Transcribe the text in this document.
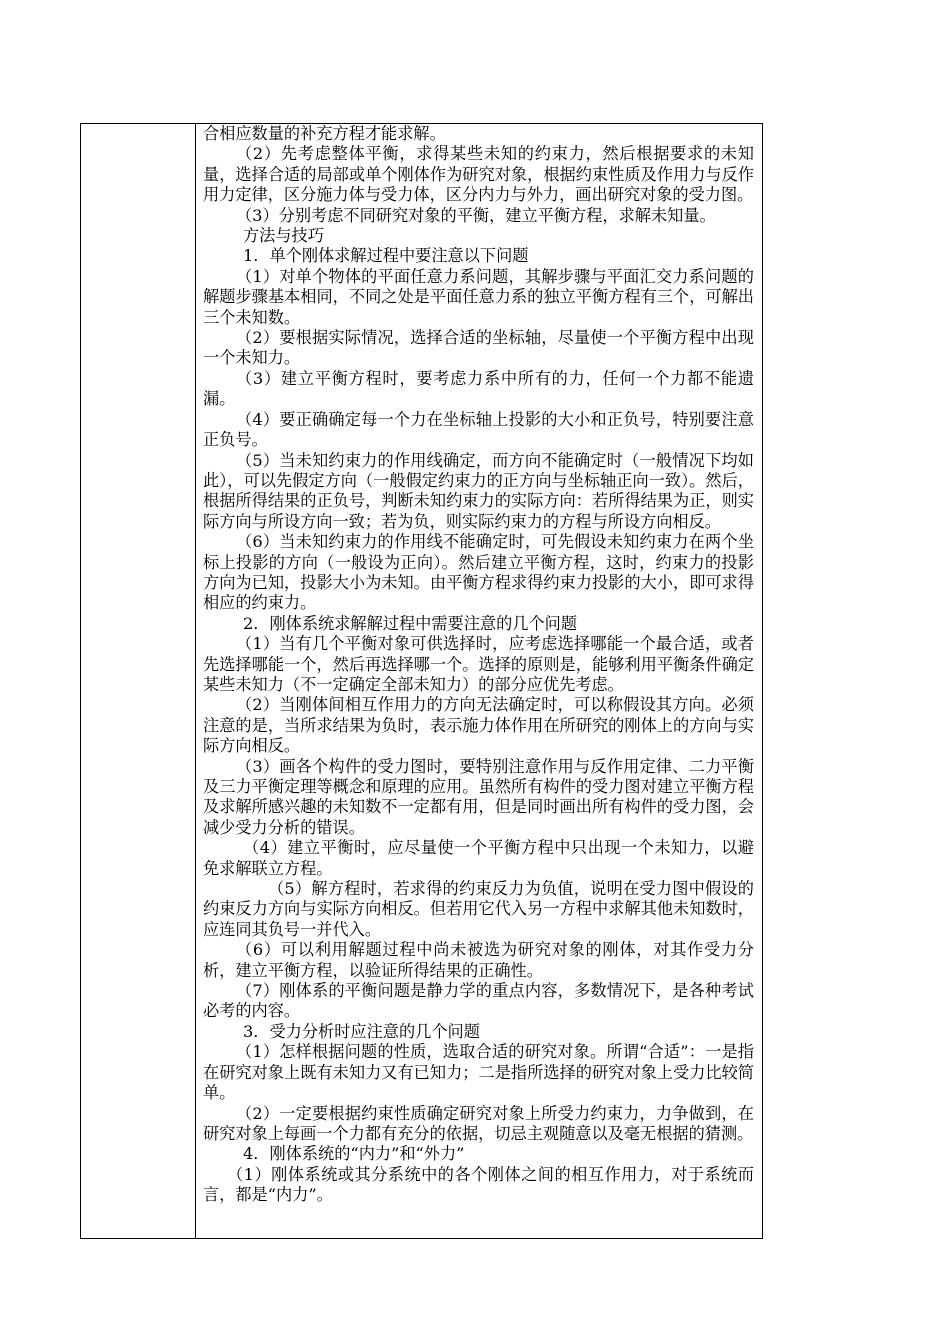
合相应数量的补充方程才能求解。

（2）先考虑整体平衡，求得某些未知的约束力，然后根据要求的未知量，选择合适的局部或单个刚体作为研究对象，根据约束性质及作用力与反作用力定律，区分施力体与受力体，区分内力与外力，画出研究对象的受力图。

（3）分别考虑不同研究对象的平衡，建立平衡方程，求解未知量。

方法与技巧

1．单个刚体求解过程中要注意以下问题

（1）对单个物体的平面任意力系问题，其解步骤与平面汇交力系问题的解题步骤基本相同，不同之处是平面任意力系的独立平衡方程有三个，可解出三个未知数。

（2）要根据实际情况，选择合适的坐标轴，尽量使一个平衡方程中出现一个未知力。

（3）建立平衡方程时，要考虑力系中所有的力，任何一个力都不能遗漏。

（4）要正确确定每一个力在坐标轴上投影的大小和正负号，特别要注意正负号。

（5）当未知约束力的作用线确定，而方向不能确定时（一般情况下均如此），可以先假定方向（一般假定约束力的正方向与坐标轴正向一致）。然后，根据所得结果的正负号，判断未知约束力的实际方向：若所得结果为正，则实际方向与所设方向一致；若为负，则实际约束力的方程与所设方向相反。

（6）当未知约束力的作用线不能确定时，可先假设未知约束力在两个坐标上投影的方向（一般设为正向）。然后建立平衡方程，这时，约束力的投影方向为已知，投影大小为未知。由平衡方程求得约束力投影的大小，即可求得相应的约束力。

2．刚体系统求解解过程中需要注意的几个问题

（1）当有几个平衡对象可供选择时，应考虑选择哪能一个最合适，或者先选择哪能一个，然后再选择哪一个。选择的原则是，能够利用平衡条件确定某些未知力（不一定确定全部未知力）的部分应优先考虑。

（2）当刚体间相互作用力的方向无法确定时，可以称假设其方向。必须注意的是，当所求结果为负时，表示施力体作用在所研究的刚体上的方向与实际方向相反。

（3）画各个构件的受力图时，要特别注意作用与反作用定律、二力平衡及三力平衡定理等概念和原理的应用。虽然所有构件的受力图对建立平衡方程及求解所感兴趣的未知数不一定都有用，但是同时画出所有构件的受力图，会减少受力分析的错误。

（4）建立平衡时，应尽量使一个平衡方程中只出现一个未知力，以避免求解联立方程。

（5）解方程时，若求得的约束反力为负值，说明在受力图中假设的约束反力方向与实际方向相反。但若用它代入另一方程中求解其他未知数时，应连同其负号一并代入。

（6）可以利用解题过程中尚未被选为研究对象的刚体，对其作受力分析，建立平衡方程，以验证所得结果的正确性。

（7）刚体系的平衡问题是静力学的重点内容，多数情况下，是各种考试必考的内容。

3．受力分析时应注意的几个问题

（1）怎样根据问题的性质，选取合适的研究对象。所谓“合适”：一是指在研究对象上既有未知力又有已知力；二是指所选择的研究对象上受力比较简单。

（2）一定要根据约束性质确定研究对象上所受力约束力，力争做到，在研究对象上每画一个力都有充分的依据，切忌主观随意以及毫无根据的猜测。

4．刚体系统的“内力”和“外力”

（1）刚体系统或其分系统中的各个刚体之间的相互作用力，对于系统而言，都是“内力”。
